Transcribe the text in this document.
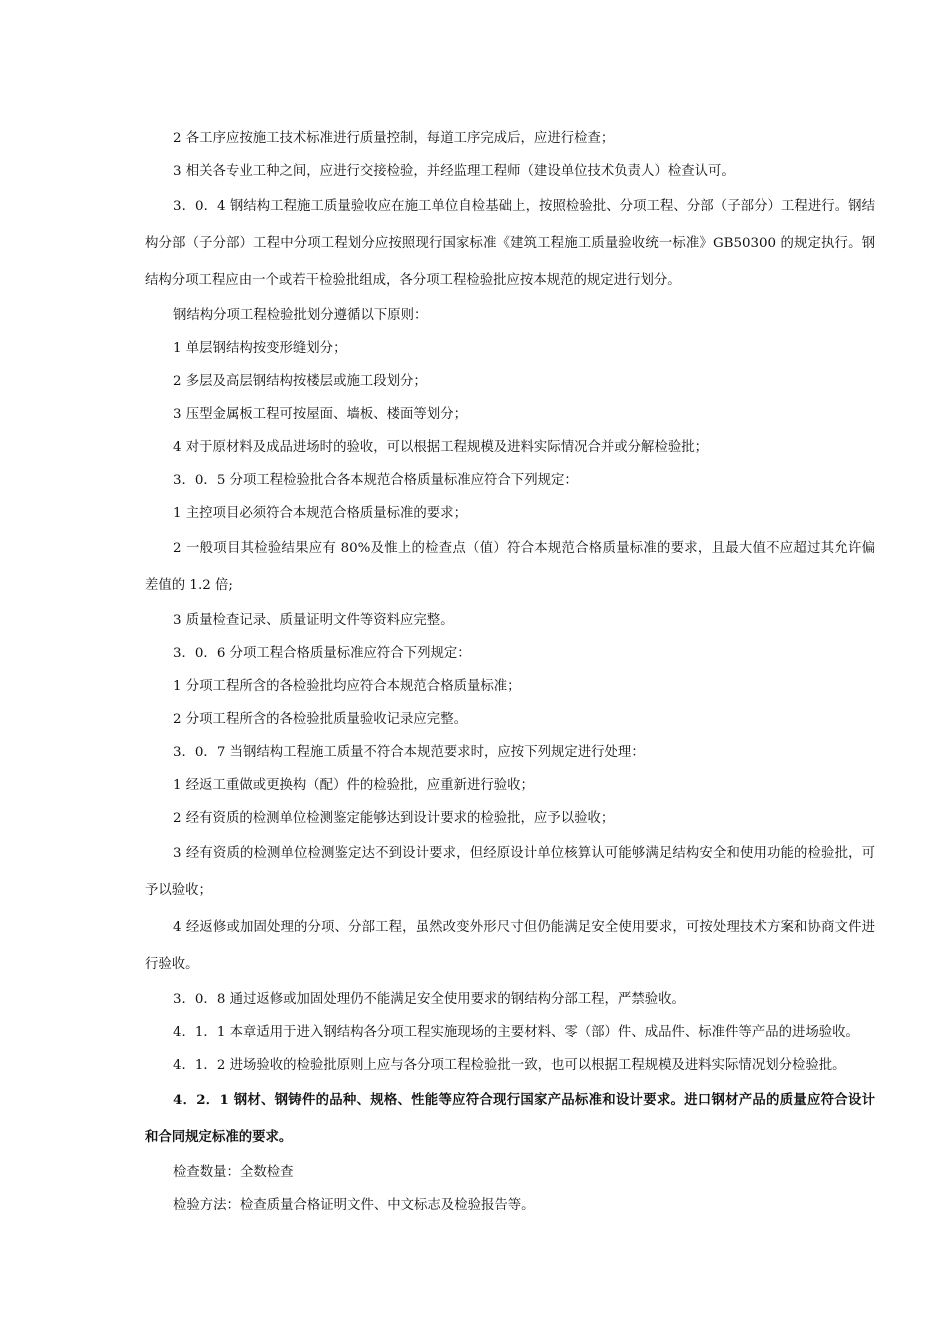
2 各工序应按施工技术标准进行质量控制，每道工序完成后，应进行检查；

3 相关各专业工种之间，应进行交接检验，并经监理工程师（建设单位技术负责人）检查认可。

3．0．4 钢结构工程施工质量验收应在施工单位自检基础上，按照检验批、分项工程、分部（子部分）工程进行。钢结构分部（子分部）工程中分项工程划分应按照现行国家标准《建筑工程施工质量验收统一标准》GB50300 的规定执行。钢结构分项工程应由一个或若干检验批组成，各分项工程检验批应按本规范的规定进行划分。

钢结构分项工程检验批划分遵循以下原则：

1 单层钢结构按变形缝划分；

2 多层及高层钢结构按楼层或施工段划分；

3 压型金属板工程可按屋面、墙板、楼面等划分；

4 对于原材料及成品进场时的验收，可以根据工程规模及进料实际情况合并或分解检验批；

3．0．5 分项工程检验批合各本规范合格质量标准应符合下列规定：

1 主控项目必须符合本规范合格质量标准的要求；

2 一般项目其检验结果应有 80%及惟上的检查点（值）符合本规范合格质量标准的要求，且最大值不应超过其允许偏差值的 1.2 倍;

3 质量检查记录、质量证明文件等资料应完整。

3．0．6 分项工程合格质量标准应符合下列规定：

1 分项工程所含的各检验批均应符合本规范合格质量标准；

2 分项工程所含的各检验批质量验收记录应完整。

3．0．7 当钢结构工程施工质量不符合本规范要求时，应按下列规定进行处理：

1 经返工重做或更换构（配）件的检验批，应重新进行验收；

2 经有资质的检测单位检测鉴定能够达到设计要求的检验批，应予以验收；

3 经有资质的检测单位检测鉴定达不到设计要求，但经原设计单位核算认可能够满足结构安全和使用功能的检验批，可予以验收；

4 经返修或加固处理的分项、分部工程，虽然改变外形尺寸但仍能满足安全使用要求，可按处理技术方案和协商文件进行验收。

3．0．8 通过返修或加固处理仍不能满足安全使用要求的钢结构分部工程，严禁验收。

4．1．1 本章适用于进入钢结构各分项工程实施现场的主要材料、零（部）件、成品件、标准件等产品的进场验收。

4．1．2 进场验收的检验批原则上应与各分项工程检验批一致，也可以根据工程规模及进料实际情况划分检验批。

4．2．1 钢材、钢铸件的品种、规格、性能等应符合现行国家产品标准和设计要求。进口钢材产品的质量应符合设计和合同规定标准的要求。

检查数量：全数检查

检验方法：检查质量合格证明文件、中文标志及检验报告等。
